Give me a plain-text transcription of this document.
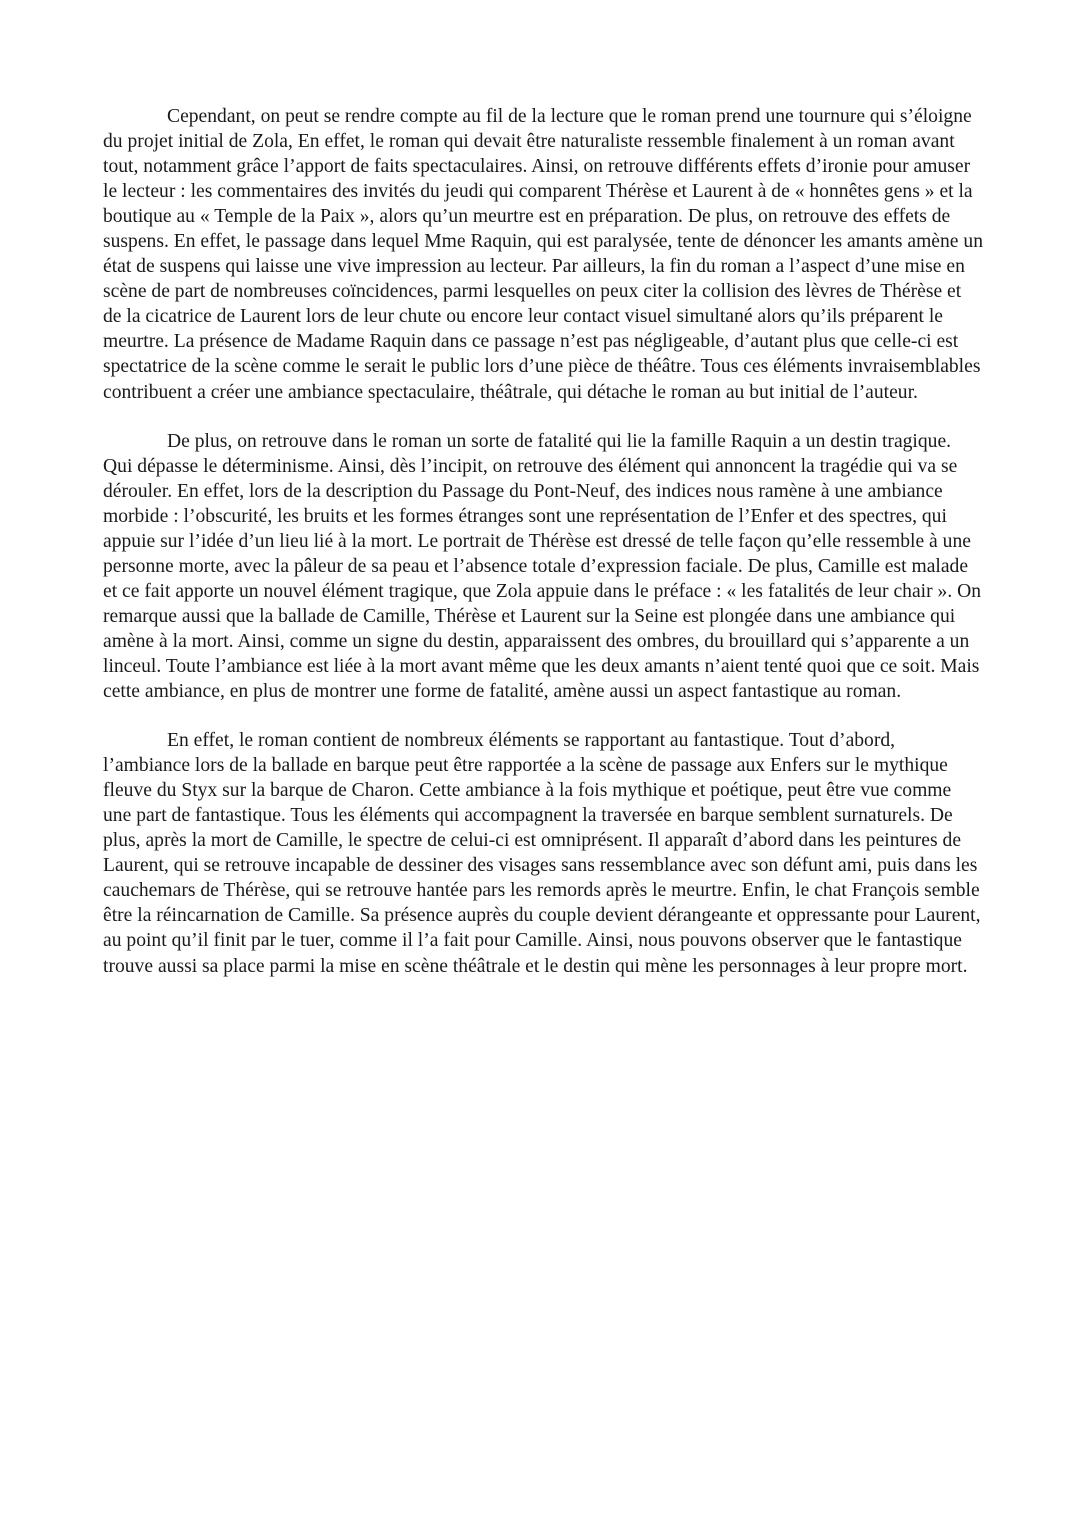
Cependant, on peut se rendre compte au fil de la lecture que le roman prend une tournure qui s’éloigne du projet initial de Zola, En effet, le roman qui devait être naturaliste ressemble finalement à un roman avant tout, notamment grâce l’apport de faits spectaculaires. Ainsi, on retrouve différents effets d’ironie pour amuser le lecteur : les commentaires des invités du jeudi qui comparent Thérèse et Laurent à de « honnêtes gens » et la boutique au « Temple de la Paix », alors qu’un meurtre est en préparation. De plus, on retrouve des effets de suspens. En effet, le passage dans lequel Mme Raquin, qui est paralysée, tente de dénoncer les amants amène un état de suspens qui laisse une vive impression au lecteur. Par ailleurs, la fin du roman a l’aspect d’une mise en scène de part de nombreuses coïncidences, parmi lesquelles on peux citer la collision des lèvres de Thérèse et de la cicatrice de Laurent lors de leur chute ou encore leur contact visuel simultané alors qu’ils préparent le meurtre. La présence de Madame Raquin dans ce passage n’est pas négligeable, d’autant plus que celle-ci est spectatrice de la scène comme le serait le public lors d’une pièce de théâtre. Tous ces éléments invraisemblables contribuent a créer une ambiance spectaculaire, théâtrale, qui détache le roman au but initial de l’auteur.

De plus, on retrouve dans le roman un sorte de fatalité qui lie la famille Raquin a un destin tragique. Qui dépasse le déterminisme. Ainsi, dès l’incipit, on retrouve des élément qui annoncent la tragédie qui va se dérouler. En effet, lors de la description du Passage du Pont-Neuf, des indices nous ramène à une ambiance morbide : l’obscurité, les bruits et les formes étranges sont une représentation de l’Enfer et des spectres, qui appuie sur l’idée d’un lieu lié à la mort. Le portrait de Thérèse est dressé de telle façon qu’elle ressemble à une personne morte, avec la pâleur de sa peau et l’absence totale d’expression faciale. De plus, Camille est malade et ce fait apporte un nouvel élément tragique, que Zola appuie dans le préface : « les fatalités de leur chair ». On remarque aussi que la ballade de Camille, Thérèse et Laurent sur la Seine est plongée dans une ambiance qui amène à la mort. Ainsi, comme un signe du destin, apparaissent des ombres, du brouillard qui s’apparente a un linceul. Toute l’ambiance est liée à la mort avant même que les deux amants n’aient tenté quoi que ce soit. Mais cette ambiance, en plus de montrer une forme de fatalité, amène aussi un aspect fantastique au roman.

En effet, le roman contient de nombreux éléments se rapportant au fantastique. Tout d’abord, l’ambiance lors de la ballade en barque peut être rapportée a la scène de passage aux Enfers sur le mythique fleuve du Styx sur la barque de Charon. Cette ambiance à la fois mythique et poétique, peut être vue comme une part de fantastique. Tous les éléments qui accompagnent la traversée en barque semblent surnaturels. De plus, après la mort de Camille, le spectre de celui-ci est omniprésent. Il apparaît d’abord dans les peintures de Laurent, qui se retrouve incapable de dessiner des visages sans ressemblance avec son défunt ami, puis dans les cauchemars de Thérèse, qui se retrouve hantée pars les remords après le meurtre. Enfin, le chat François semble être la réincarnation de Camille. Sa présence auprès du couple devient dérangeante et oppressante pour Laurent, au point qu’il finit par le tuer, comme il l’a fait pour Camille. Ainsi, nous pouvons observer que le fantastique trouve aussi sa place parmi la mise en scène théâtrale et le destin qui mène les personnages à leur propre mort.
